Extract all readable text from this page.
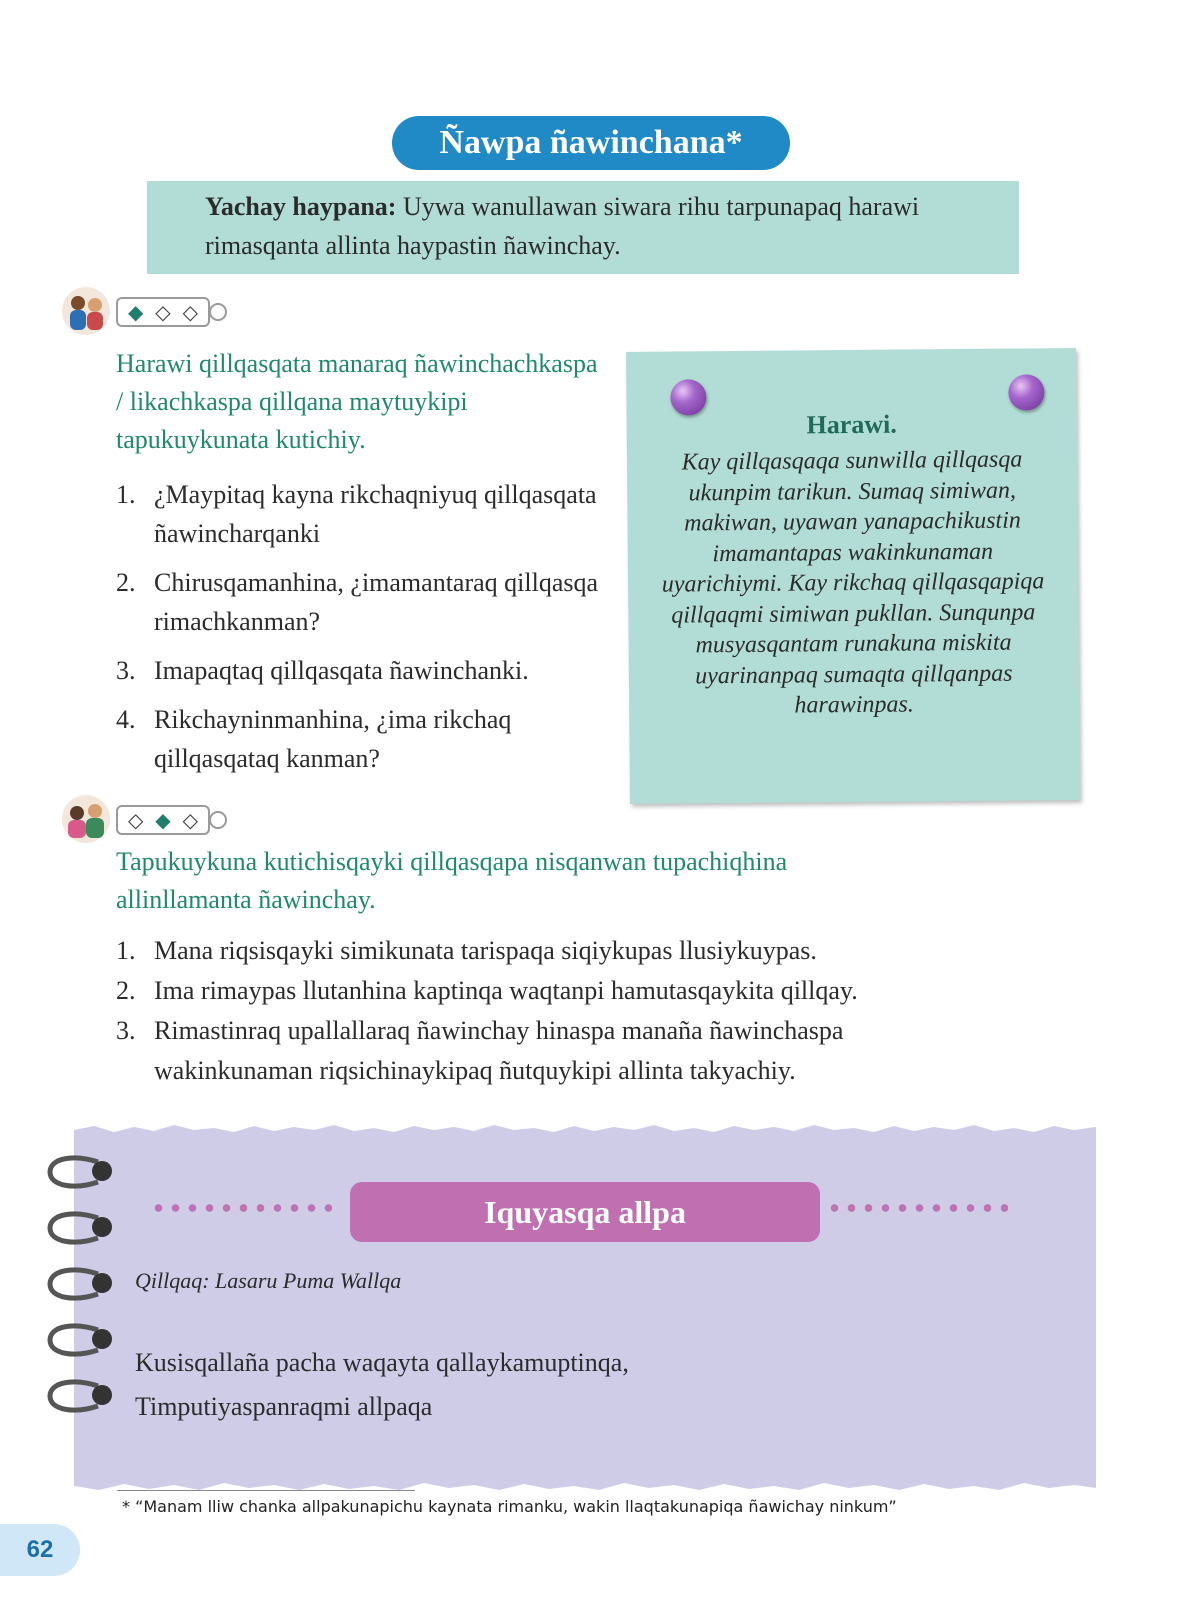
Ñawpa ñawinchana*
Yachay haypana: Uywa wanullawan siwara rihu tarpunapaq harawi rimasqanta allinta haypastin ñawinchay.
◆ ◇ ◇
Harawi qillqasqata manaraq ñawinchachkaspa / likachkaspa qillqana maytuykipi tapukuykunata kutichiy.
1. ¿Maypitaq kayna rikchaqniyuq qillqasqata ñawincharqanki
2. Chirusqamanhina, ¿imamantaraq qillqasqa rimachkanman?
3. Imapaqtaq qillqasqata ñawinchanki.
4. Rikchayninmanhina, ¿ima rikchaq qillqasqataq kanman?
Harawi.
Kay qillqasqaqa sunwilla qillqasqa ukunpim tarikun. Sumaq simiwan, makiwan, uyawan yanapachikustin imamantapas wakinkunaman uyarichiymi. Kay rikchaq qillqasqapiqa qillqaqmi simiwan pukllan. Sunqunpa musyasqantam runakuna miskita uyarinanpaq sumaqta qillqanpas harawinpas.
◇ ◆ ◇
Tapukuykuna kutichisqayki qillqasqapa nisqanwan tupachiqhina allinllamanta ñawinchay.
1. Mana riqsisqayki simikunata tarispaqa siqiykupas llusiykuypas.
2. Ima rimaypas llutanhina kaptinqa waqtanpi hamutasqaykita qillqay.
3. Rimastinraq upallallaraq ñawinchay hinaspa manaña ñawinchaspa wakinkunaman riqsichinaykipaq ñutquykipi allinta takyachiy.
Iquyasqa allpa
Qillqaq: Lasaru Puma Wallqa
Kusisqallaña pacha waqayta qallaykamuptinqa,
Timputiyaspanraqmi allpaqa
* “Manam lliw chanka allpakunapichu kaynata rimanku, wakin llaqtakunapiqa ñawichay ninkum”
62
